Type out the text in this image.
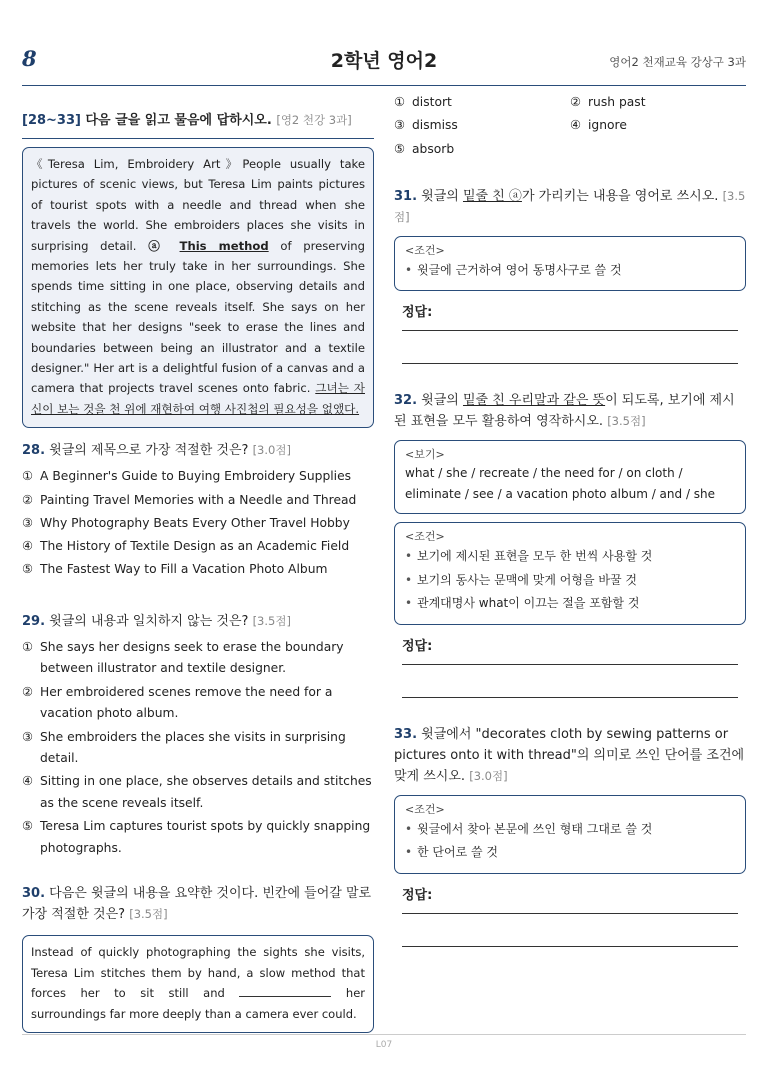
8	2학년 영어2	영어2 천재교육 강상구 3과
[28~33] 다음 글을 읽고 물음에 답하시오. [영2 천강 3과]
《Teresa Lim, Embroidery Art》People usually take pictures of scenic views, but Teresa Lim paints pictures of tourist spots with a needle and thread when she travels the world. She embroiders places she visits in surprising detail. ⓐ This method of preserving memories lets her truly take in her surroundings. She spends time sitting in one place, observing details and stitching as the scene reveals itself. She says on her website that her designs "seek to erase the lines and boundaries between being an illustrator and a textile designer." Her art is a delightful fusion of a canvas and a camera that projects travel scenes onto fabric. 그녀는 자신이 보는 것을 천 위에 재현하여 여행 사진첩의 필요성을 없앴다.
28. 윗글의 제목으로 가장 적절한 것은? [3.0점]
① A Beginner's Guide to Buying Embroidery Supplies
② Painting Travel Memories with a Needle and Thread
③ Why Photography Beats Every Other Travel Hobby
④ The History of Textile Design as an Academic Field
⑤ The Fastest Way to Fill a Vacation Photo Album
29. 윗글의 내용과 일치하지 않는 것은? [3.5점]
① She says her designs seek to erase the boundary between illustrator and textile designer.
② Her embroidered scenes remove the need for a vacation photo album.
③ She embroiders the places she visits in surprising detail.
④ Sitting in one place, she observes details and stitches as the scene reveals itself.
⑤ Teresa Lim captures tourist spots by quickly snapping photographs.
30. 다음은 윗글의 내용을 요약한 것이다. 빈칸에 들어갈 말로 가장 적절한 것은? [3.5점]
Instead of quickly photographing the sights she visits, Teresa Lim stitches them by hand, a slow method that forces her to sit still and	her surroundings far more deeply than a camera ever could.
① distort	② rush past
③ dismiss	④ ignore
⑤ absorb
31. 윗글의 밑줄 친 ⓐ가 가리키는 내용을 영어로 쓰시오. [3.5점]
<조건>
• 윗글에 근거하여 영어 동명사구로 쓸 것
정답:
32. 윗글의 밑줄 친 우리말과 같은 뜻이 되도록, 보기에 제시된 표현을 모두 활용하여 영작하시오. [3.5점]
<보기>
what / she / recreate / the need for / on cloth / eliminate / see / a vacation photo album / and / she
<조건>
• 보기에 제시된 표현을 모두 한 번씩 사용할 것
• 보기의 동사는 문맥에 맞게 어형을 바꿀 것
• 관계대명사 what이 이끄는 절을 포함할 것
정답:
33. 윗글에서 "decorates cloth by sewing patterns or pictures onto it with thread"의 의미로 쓰인 단어를 조건에 맞게 쓰시오. [3.0점]
<조건>
• 윗글에서 찾아 본문에 쓰인 형태 그대로 쓸 것
• 한 단어로 쓸 것
정답:
L07
